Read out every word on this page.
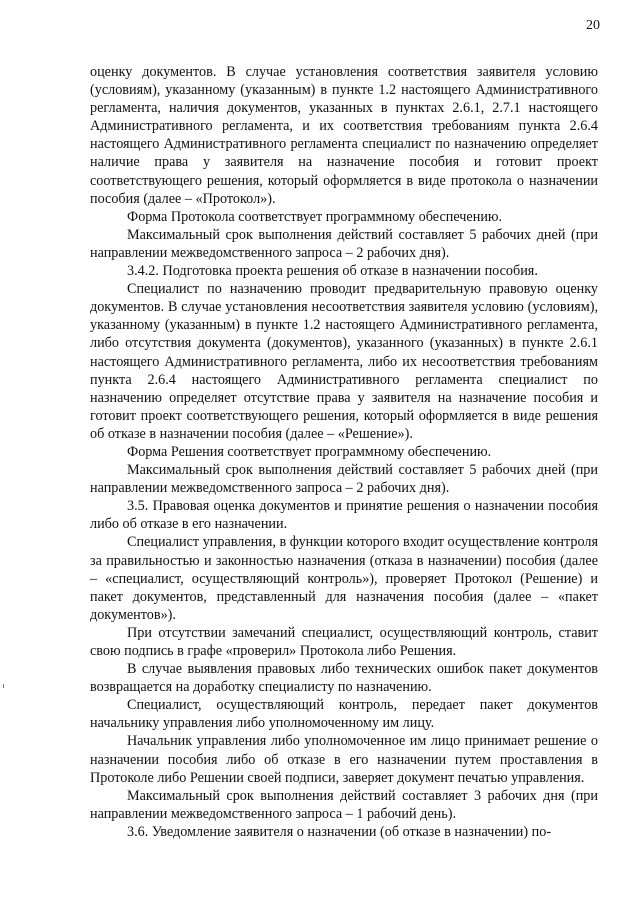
20

оценку документов. В случае установления соответствия заявителя условию (условиям), указанному (указанным) в пункте 1.2 настоящего Административного регламента, наличия документов, указанных в пунктах 2.6.1, 2.7.1 настоящего Административного регламента, и их соответствия требованиям пункта 2.6.4 настоящего Административного регламента специалист по назначению определяет наличие права у заявителя на назначение пособия и готовит проект соответствующего решения, который оформляется в виде протокола о назначении пособия (далее – «Протокол»).

Форма Протокола соответствует программному обеспечению.

Максимальный срок выполнения действий составляет 5 рабочих дней (при направлении межведомственного запроса – 2 рабочих дня).

3.4.2. Подготовка проекта решения об отказе в назначении пособия.

Специалист по назначению проводит предварительную правовую оценку документов. В случае установления несоответствия заявителя условию (условиям), указанному (указанным) в пункте 1.2 настоящего Административного регламента, либо отсутствия документа (документов), указанного (указанных) в пункте 2.6.1 настоящего Административного регламента, либо их несоответствия требованиям пункта 2.6.4 настоящего Административного регламента специалист по назначению определяет отсутствие права у заявителя на назначение пособия и готовит проект соответствующего решения, который оформляется в виде решения об отказе в назначении пособия (далее – «Решение»).

Форма Решения соответствует программному обеспечению.

Максимальный срок выполнения действий составляет 5 рабочих дней (при направлении межведомственного запроса – 2 рабочих дня).

3.5. Правовая оценка документов и принятие решения о назначении пособия либо об отказе в его назначении.

Специалист управления, в функции которого входит осуществление контроля за правильностью и законностью назначения (отказа в назначении) пособия (далее – «специалист, осуществляющий контроль»), проверяет Протокол (Решение) и пакет документов, представленный для назначения пособия (далее – «пакет документов»).

При отсутствии замечаний специалист, осуществляющий контроль, ставит свою подпись в графе «проверил» Протокола либо Решения.

В случае выявления правовых либо технических ошибок пакет документов возвращается на доработку специалисту по назначению.

Специалист, осуществляющий контроль, передает пакет документов начальнику управления либо уполномоченному им лицу.

Начальник управления либо уполномоченное им лицо принимает решение о назначении пособия либо об отказе в его назначении путем проставления в Протоколе либо Решении своей подписи, заверяет документ печатью управления.

Максимальный срок выполнения действий составляет 3 рабочих дня (при направлении межведомственного запроса – 1 рабочий день).

3.6. Уведомление заявителя о назначении (об отказе в назначении) по-
